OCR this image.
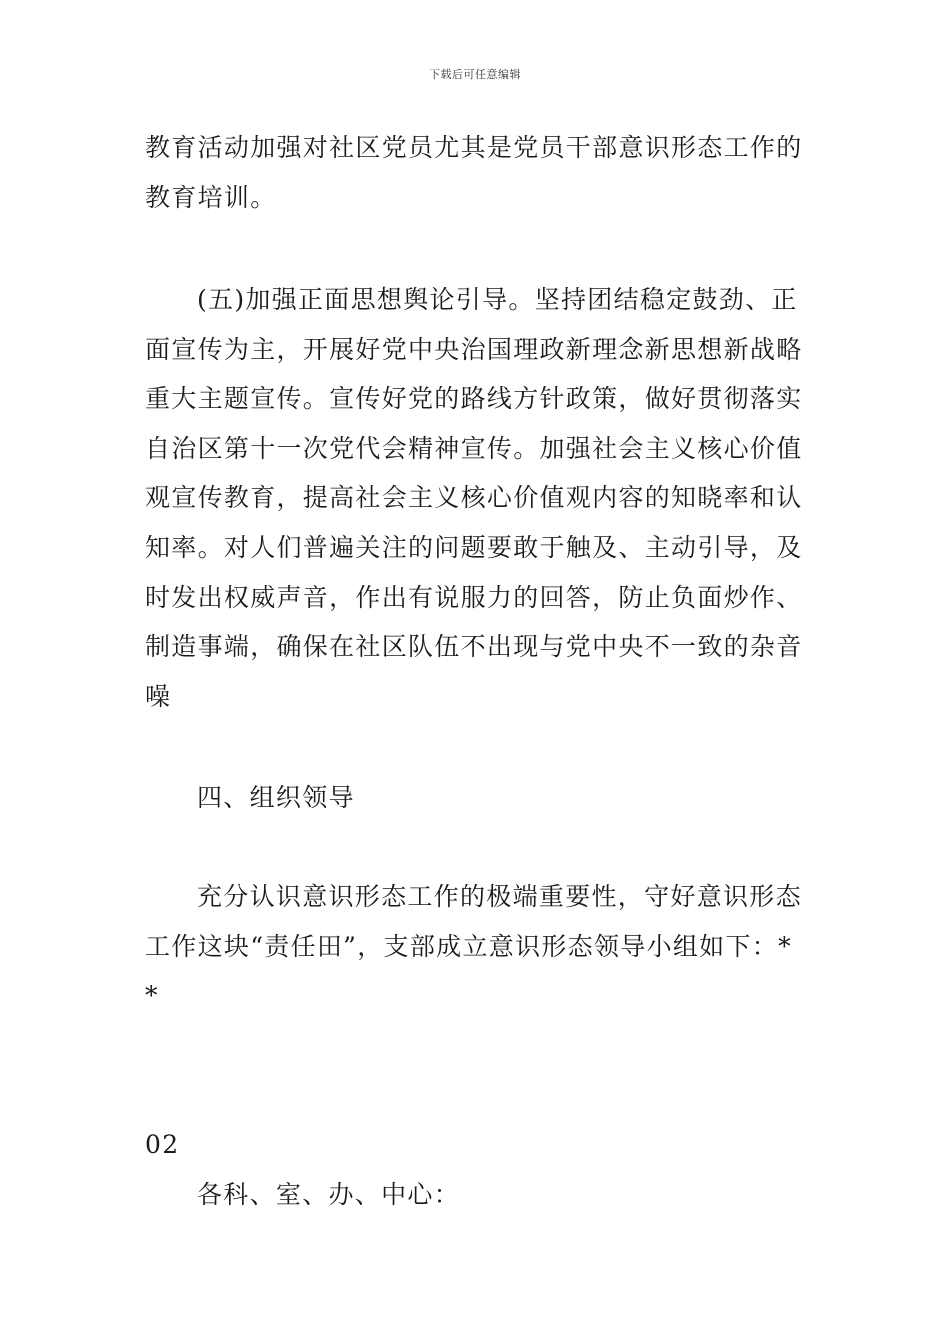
下载后可任意编辑
教育活动加强对社区党员尤其是党员干部意识形态工作的
教育培训。
(五)加强正面思想舆论引导。坚持团结稳定鼓劲、正
面宣传为主，开展好党中央治国理政新理念新思想新战略
重大主题宣传。宣传好党的路线方针政策，做好贯彻落实
自治区第十一次党代会精神宣传。加强社会主义核心价值
观宣传教育，提高社会主义核心价值观内容的知晓率和认
知率。对人们普遍关注的问题要敢于触及、主动引导，及
时发出权威声音，作出有说服力的回答，防止负面炒作、
制造事端，确保在社区队伍不出现与党中央不一致的杂音
噪
四、组织领导
充分认识意识形态工作的极端重要性，守好意识形态
工作这块“责任田”，支部成立意识形态领导小组如下：*
*
02
各科、室、办、中心：
